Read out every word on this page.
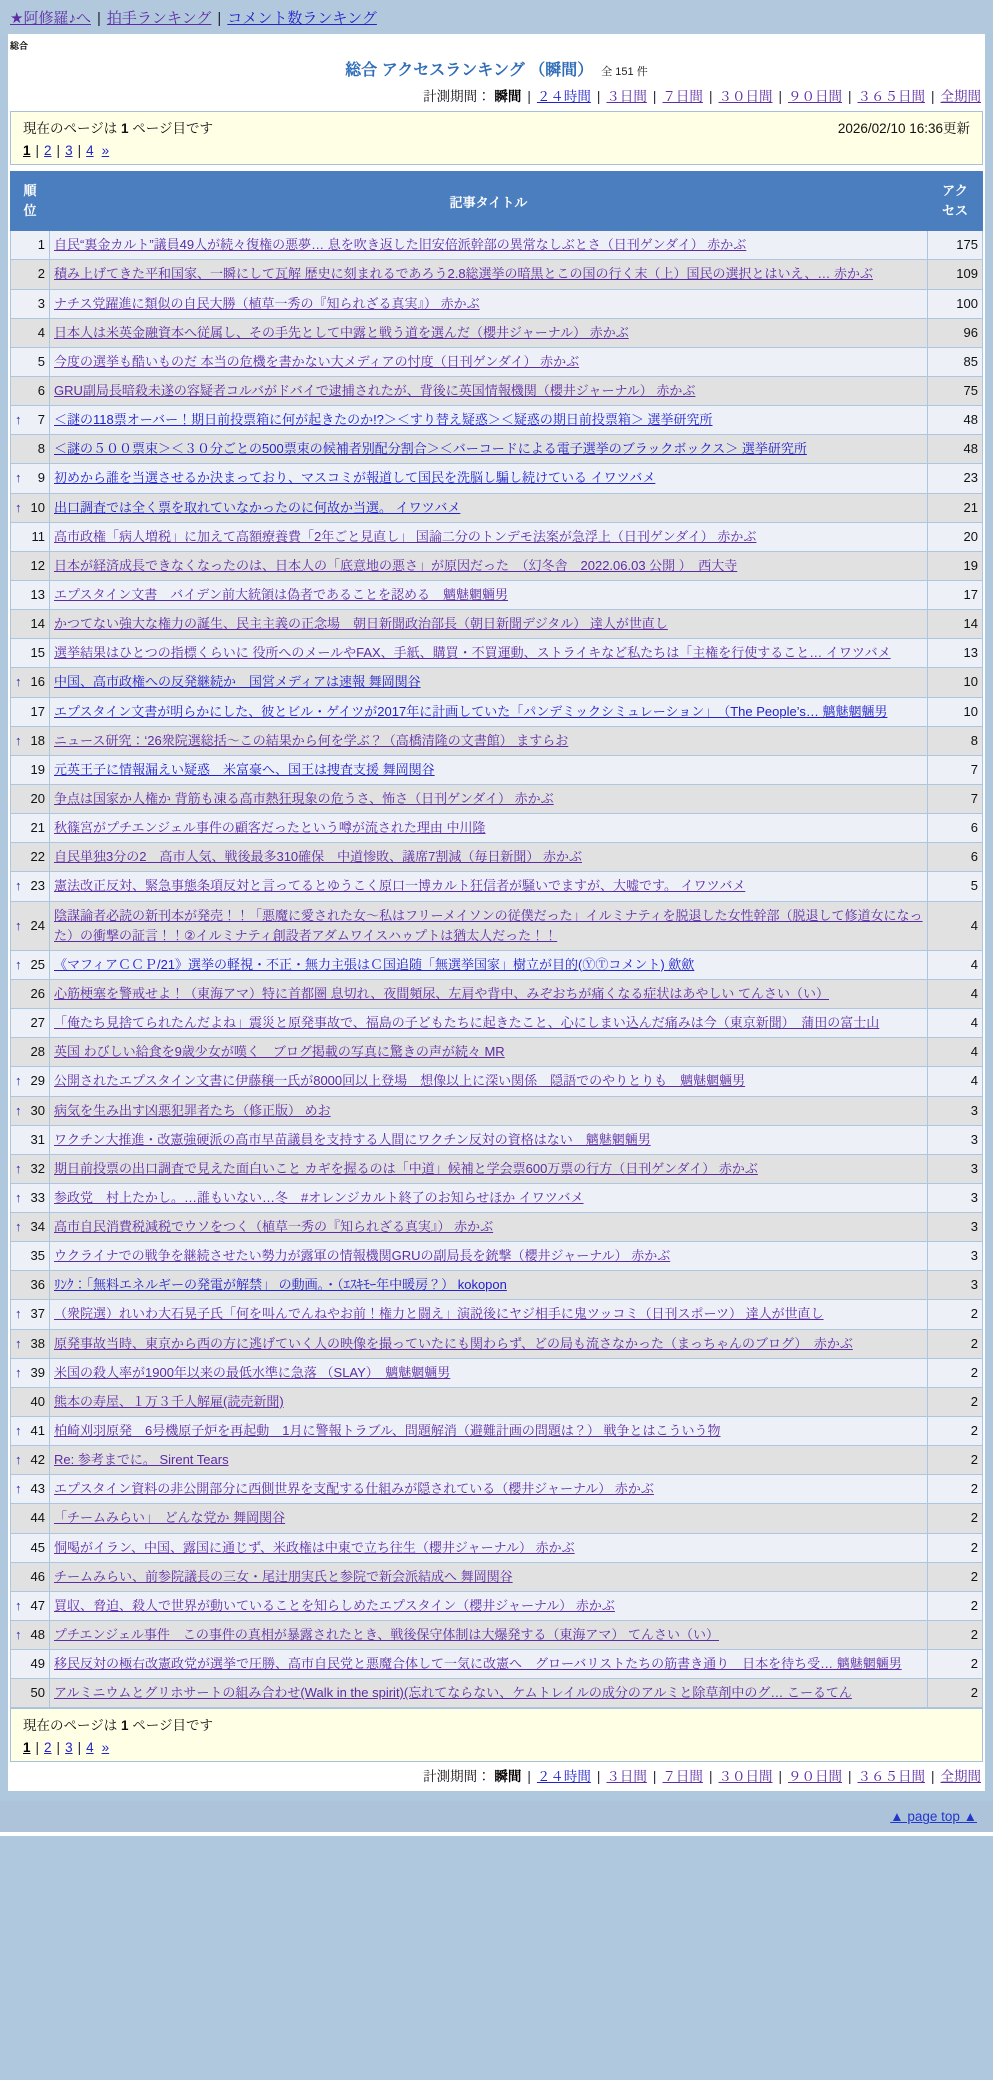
★阿修羅♪へ | 拍手ランキング | コメント数ランキング
総合
総合 アクセスランキング （瞬間） 全 151 件
計測期間： 瞬間 | ２４時間 | ３日間 | ７日間 | ３０日間 | ９０日間 | ３６５日間 | 全期間
現在のページは 1 ページ目です	2026/02/10 16:36更新
1 | 2 | 3 | 4 »
順位	記事タイトル	アクセス
1	自民“裏金カルト”議員49人が続々復権の悪夢… 息を吹き返した旧安倍派幹部の異常なしぶとさ（日刊ゲンダイ） 赤かぶ	175
2	積み上げてきた平和国家、一瞬にして瓦解 歴史に刻まれるであろう2.8総選挙の暗黒とこの国の行く末（上）国民の選択とはいえ、… 赤かぶ	109
3	ナチス党躍進に類似の自民大勝（植草一秀の『知られざる真実』） 赤かぶ	100
4	日本人は米英金融資本へ従属し、その手先として中露と戦う道を選んだ（櫻井ジャーナル） 赤かぶ	96
5	今度の選挙も酷いものだ 本当の危機を書かない大メディアの忖度（日刊ゲンダイ） 赤かぶ	85
6	GRU副局長暗殺未遂の容疑者コルバがドバイで逮捕されたが、背後に英国情報機関（櫻井ジャーナル） 赤かぶ	75

↑ 7	＜謎の118票オーバー！期日前投票箱に何が起きたのか!?＞＜すり替え疑惑＞＜疑惑の期日前投票箱＞ 選挙研究所	48
8	＜謎の５００票束＞＜３０分ごとの500票束の候補者別配分割合＞＜バーコードによる電子選挙のブラックボックス＞ 選挙研究所	48

↑ 9	初めから誰を当選させるか決まっており、マスコミが報道して国民を洗脳し騙し続けている イワツバメ	23

↑ 10	出口調査では全く票を取れていなかったのに何故か当選。 イワツバメ	21
11	高市政権「病人増税」に加えて高額療養費「2年ごと見直し」 国論二分のトンデモ法案が急浮上（日刊ゲンダイ） 赤かぶ	20
12	日本が経済成長できなくなったのは、日本人の「底意地の悪さ」が原因だった　（幻冬舎　2022.06.03 公開 ）　西大寺	19
13	エプスタイン文書　バイデン前大統領は偽者であることを認める　魑魅魍魎男	17
14	かつてない強大な権力の誕生、民主主義の正念場　朝日新聞政治部長（朝日新聞デジタル） 達人が世直し	14
15	選挙結果はひとつの指標くらいに 役所へのメールやFAX、手紙、購買・不買運動、ストライキなど私たちは「主権を行使すること… イワツバメ	13

↑ 16	中国、高市政権への反発継続か　国営メディアは速報 舞岡関谷	10
17	エプスタイン文書が明らかにした、彼とビル・ゲイツが2017年に計画していた「パンデミックシミュレーション」　（The People’s… 魑魅魍魎男	10

↑ 18	ニュース研究：‘26衆院選総括～この結果から何を学ぶ？（高橋清隆の文書館） ますらお	8
19	元英王子に情報漏えい疑惑　米富豪へ、国王は捜査支援 舞岡関谷	7
20	争点は国家か人権か 背筋も凍る高市熱狂現象の危うさ、怖さ（日刊ゲンダイ） 赤かぶ	7
21	秋篠宮がプチエンジェル事件の顧客だったという噂が流された理由 中川隆	6
22	自民単独3分の2　高市人気、戦後最多310確保　中道惨敗、議席7割減（毎日新聞） 赤かぶ	6

↑ 23	憲法改正反対、緊急事態条項反対と言ってるとゆうこく原口一博カルト狂信者が騒いでますが、大嘘です。 イワツバメ	5

↑ 24	陰謀論者必読の新刊本が発売！！「悪魔に愛された女～私はフリーメイソンの従僕だった」イルミナティを脱退した女性幹部（脱退して修道女になった）の衝撃の証言！！②イルミナティ創設者アダムワイスハゥプトは猶太人だった！！	4

↑ 25	《マフィアＣＣＰ/21》選挙の軽視・不正・無力主張はＣ国追随「無選挙国家」樹立が目的(ⓎⓉコメント) 歛歛	4
26	心筋梗塞を警戒せよ！（東海アマ）特に首都圏 息切れ、夜間頻尿、左肩や背中、みぞおちが痛くなる症状はあやしい てんさい（い）	4
27	「俺たち見捨てられたんだよね」震災と原発事故で、福島の子どもたちに起きたこと、心にしまい込んだ痛みは今（東京新聞）　蒲田の富士山	4
28	英国 わびしい給食を9歳少女が嘆く　ブログ掲載の写真に驚きの声が続々 MR	4

↑ 29	公開されたエプスタイン文書に伊藤穣一氏が8000回以上登場　想像以上に深い関係　隠語でのやりとりも　魑魅魍魎男	4

↑ 30	病気を生み出す凶悪犯罪者たち（修正版） めお	3
31	ワクチン大推進・改憲強硬派の高市早苗議員を支持する人間にワクチン反対の資格はない　魑魅魍魎男	3

↑ 32	期日前投票の出口調査で見えた面白いこと カギを握るのは「中道」候補と学会票600万票の行方（日刊ゲンダイ） 赤かぶ	3

↑ 33	参政党　村上たかし。…誰もいない…冬　#オレンジカルト終了のお知らせほか イワツバメ	3

↑ 34	高市自民消費税減税でウソをつく（植草一秀の『知られざる真実』） 赤かぶ	3
35	ウクライナでの戦争を継続させたい勢力が露軍の情報機関GRUの副局長を銃撃（櫻井ジャーナル） 赤かぶ	3
36	ﾘﾝｸ：「無料エネルギーの発電が解禁」 の動画。・（ｴｽｷﾓｰ年中暖房？） kokopon	3

↑ 37	（衆院選）れいわ大石晃子氏「何を叫んでんねやお前！権力と闘え」演説後にヤジ相手に鬼ツッコミ（日刊スポーツ） 達人が世直し	2

↑ 38	原発事故当時、東京から西の方に逃げていく人の映像を撮っていたにも関わらず、どの局も流さなかった（まっちゃんのブログ）　赤かぶ	2

↑ 39	米国の殺人率が1900年以来の最低水準に急落 （SLAY）　魑魅魍魎男	2
40	熊本の寿屋、１万３千人解雇(読売新聞)	2

↑ 41	柏崎刈羽原発　6号機原子炉を再起動　1月に警報トラブル、問題解消（避難計画の問題は？） 戦争とはこういう物	2

↑ 42	Re: 参考までに。 Sirent Tears	2

↑ 43	エプスタイン資料の非公開部分に西側世界を支配する仕組みが隠されている（櫻井ジャーナル） 赤かぶ	2
44	「チームみらい」　どんな党か 舞岡関谷	2
45	恫喝がイラン、中国、露国に通じず、米政権は中東で立ち往生（櫻井ジャーナル） 赤かぶ	2
46	チームみらい、前参院議長の三女・尾辻朋実氏と参院で新会派結成へ 舞岡関谷	2

↑ 47	買収、脅迫、殺人で世界が動いていることを知らしめたエプスタイン（櫻井ジャーナル） 赤かぶ	2

↑ 48	プチエンジェル事件　この事件の真相が暴露されたとき、戦後保守体制は大爆発する（東海アマ） てんさい（い）	2
49	移民反対の極右改憲政党が選挙で圧勝、高市自民党と悪魔合体して一気に改憲へ　グローバリストたちの筋書き通り　日本を待ち受… 魑魅魍魎男	2
50	アルミニウムとグリホサートの組み合わせ(Walk in the spirit)(忘れてならない、ケムトレイルの成分のアルミと除草剤中のグ… こーるてん	2
現在のページは 1 ページ目です
1 | 2 | 3 | 4 »
計測期間： 瞬間 | ２４時間 | ３日間 | ７日間 | ３０日間 | ９０日間 | ３６５日間 | 全期間
▲ page top ▲
